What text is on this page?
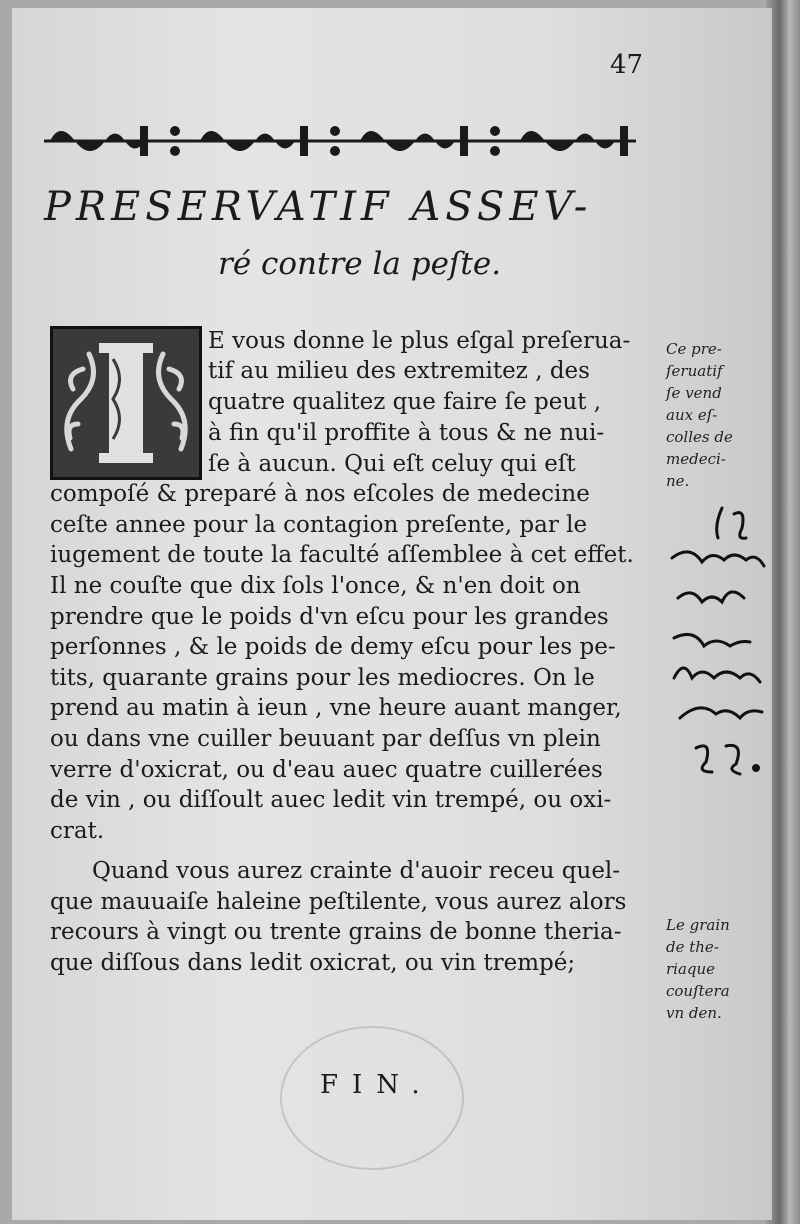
47
PRESERVATIF ASSEV-
ré contre la peſte.
E vous donne le plus eſgal preſerua-
tif au milieu des extremitez , des
quatre qualitez que faire ſe peut ,
à fin qu'il proffite à tous & ne nui-
ſe à aucun. Qui eſt celuy qui eſt
compoſé & preparé à nos eſcoles de medecine
ceſte annee pour la contagion preſente, par le
iugement de toute la faculté aſſemblee à cet effet.
Il ne couſte que dix ſols l'once, & n'en doit on
prendre que le poids d'vn eſcu pour les grandes
perſonnes , & le poids de demy eſcu pour les pe-
tits, quarante grains pour les mediocres. On le
prend au matin à ieun , vne heure auant manger,
ou dans vne cuiller beuuant par deſſus vn plein
verre d'oxicrat, ou d'eau auec quatre cuillerées
de vin , ou diſſoult auec ledit vin trempé, ou oxi-
crat.
Quand vous aurez crainte d'auoir receu quel-
que mauuaiſe haleine peſtilente, vous aurez alors
recours à vingt ou trente grains de bonne theria-
que diſſous dans ledit oxicrat, ou vin trempé;
Ce pre-
ſeruatif
ſe vend
aux eſ-
colles de
medeci-
ne.
Le grain
de the-
riaque
couſtera
vn den.
FIN.
